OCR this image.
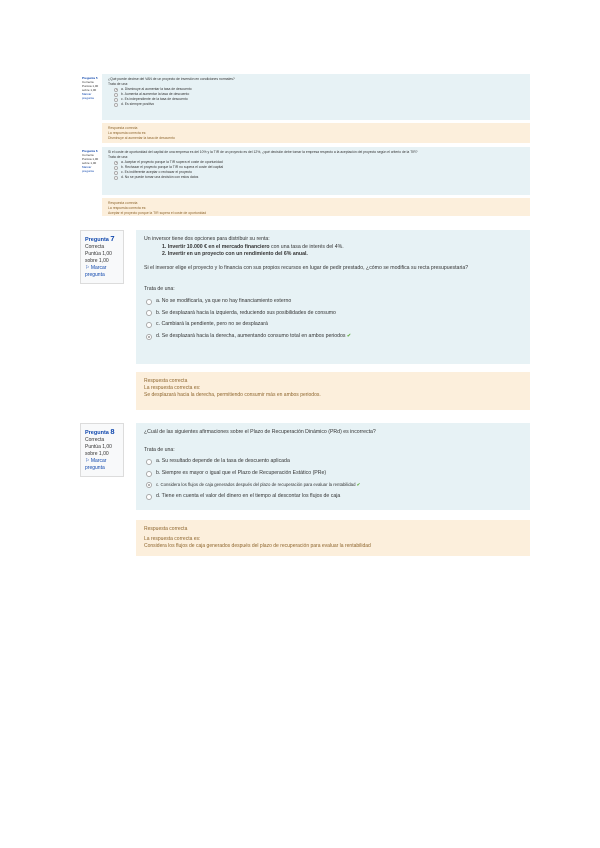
Pregunta 5
Correcta
Puntúa 1,00 sobre 1,00
Marcar pregunta

¿Qué puede decirse del VAN de un proyecto de inversión en condiciones normales?

Trata de una:

a. Disminuye al aumentar la tasa de descuento
b. Aumenta al aumentar la tasa de descuento
c. Es independiente de la tasa de descuento
d. Es siempre positivo

Respuesta correcta

La respuesta correcta es:

Disminuye al aumentar la tasa de descuento

Pregunta 6
Correcta
Puntúa 1,00 sobre 1,00
Marcar pregunta

Si el coste de oportunidad del capital de una empresa es del 10% y la TIR de un proyecto es del 12%, ¿qué decisión debe tomar la empresa respecto a la aceptación del proyecto según el criterio de la TIR?

Trata de una:

a. Aceptar el proyecto porque la TIR supera el coste de oportunidad
b. Rechazar el proyecto porque la TIR no supera el coste del capital
c. Es indiferente aceptar o rechazar el proyecto
d. No se puede tomar una decisión con estos datos

Respuesta correcta

La respuesta correcta es:

Aceptar el proyecto porque la TIR supera el coste de oportunidad

Pregunta 7
Correcta
Puntúa 1,00 sobre 1,00
⚐ Marcar pregunta

Un inversor tiene dos opciones para distribuir su renta:

1. Invertir 10.000 € en el mercado financiero con una tasa de interés del 4%.

2. Invertir en un proyecto con un rendimiento del 6% anual.

Si el inversor elige el proyecto y lo financia con sus propios recursos en lugar de pedir prestado, ¿cómo se modifica su recta presupuestaria?

Trata de una:

a. No se modificaría, ya que no hay financiamiento externo
b. Se desplazará hacia la izquierda, reduciendo sus posibilidades de consumo
c. Cambiará la pendiente, pero no se desplazará
d. Se desplazará hacia la derecha, aumentando consumo total en ambos periodos
✔

Respuesta correcta

La respuesta correcta es:

Se desplazará hacia la derecha, permitiendo consumir más en ambos periodos.

Pregunta 8
Correcta
Puntúa 1,00 sobre 1,00
⚐ Marcar pregunta

¿Cuál de las siguientes afirmaciones sobre el Plazo de Recuperación Dinámico (PRd) es incorrecta?

Trata de una:

a. Su resultado depende de la tasa de descuento aplicada
b. Siempre es mayor o igual que el Plazo de Recuperación Estático (PRe)
c. Considera los flujos de caja generados después del plazo de recuperación para evaluar la rentabilidad
✔
d. Tiene en cuenta el valor del dinero en el tiempo al descontar los flujos de caja

Respuesta correcta

La respuesta correcta es:

Considera los flujos de caja generados después del plazo de recuperación para evaluar la rentabilidad
